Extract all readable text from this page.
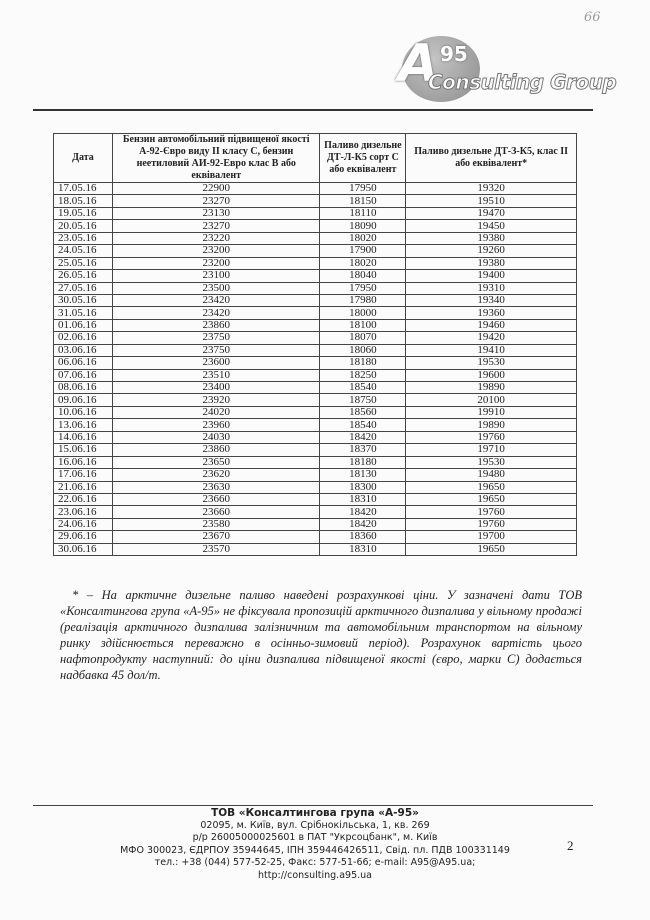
66
A 95
Consulting Group
Дата	Бензин автомобільний підвищеної якості А-92-Євро виду II класу С, бензин неетиловий АИ-92-Евро клас В або еквівалент	Паливо дизельне ДТ-Л-К5 сорт С або еквівалент	Паливо дизельне ДТ-З-К5, клас II або еквівалент*
17.05.16	22900	17950	19320
18.05.16	23270	18150	19510
19.05.16	23130	18110	19470
20.05.16	23270	18090	19450
23.05.16	23220	18020	19380
24.05.16	23200	17900	19260
25.05.16	23200	18020	19380
26.05.16	23100	18040	19400
27.05.16	23500	17950	19310
30.05.16	23420	17980	19340
31.05.16	23420	18000	19360
01.06.16	23860	18100	19460
02.06.16	23750	18070	19420
03.06.16	23750	18060	19410
06.06.16	23600	18180	19530
07.06.16	23510	18250	19600
08.06.16	23400	18540	19890
09.06.16	23920	18750	20100
10.06.16	24020	18560	19910
13.06.16	23960	18540	19890
14.06.16	24030	18420	19760
15.06.16	23860	18370	19710
16.06.16	23650	18180	19530
17.06.16	23620	18130	19480
21.06.16	23630	18300	19650
22.06.16	23660	18310	19650
23.06.16	23660	18420	19760
24.06.16	23580	18420	19760
29.06.16	23670	18360	19700
30.06.16	23570	18310	19650
* – На арктичне дизельне паливо наведені розрахункові ціни. У зазначені дати ТОВ «Консалтингова група «А-95» не фіксувала пропозицій арктичного дизпалива у вільному продажі (реалізація арктичного дизпалива залізничним та автомобільним транспортом на вільному ринку здійснюється переважно в осінньо-зимовий період). Розрахунок вартість цього нафтопродукту наступний: до ціни дизпалива підвищеної якості (євро, марки С) додається надбавка 45 дол/т.
ТОВ «Консалтингова група «А-95»
02095, м. Київ, вул. Срібнокільська, 1, кв. 269
р/р 26005000025601 в ПАТ "Укрсоцбанк", м. Київ
МФО 300023, ЄДРПОУ 35944645, ІПН 359446426511, Свід. пл. ПДВ 100331149
тел.: +38 (044) 577-52-25, Факс: 577-51-66; e-mail: A95@A95.ua; http://consulting.a95.ua
2
